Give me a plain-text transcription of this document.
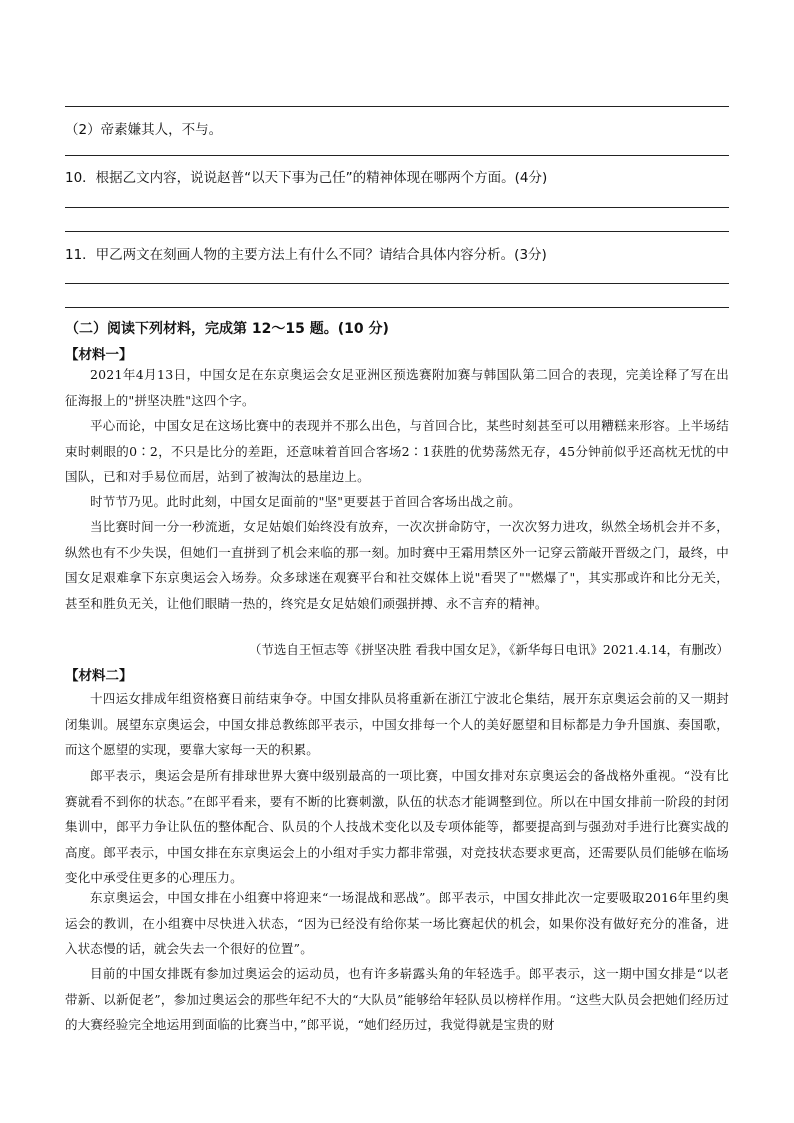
（2）帝素嫌其人，不与。
10．根据乙文内容，说说赵普“以天下事为己任”的精神体现在哪两个方面。(4分)
11．甲乙两文在刻画人物的主要方法上有什么不同？请结合具体内容分析。(3分)
（二）阅读下列材料，完成第 12～15 题。(10 分)
【材料一】
2021年4月13日，中国女足在东京奥运会女足亚洲区预选赛附加赛与韩国队第二回合的表现，完美诠释了写在出征海报上的"拼坚决胜"这四个字。
平心而论，中国女足在这场比赛中的表现并不那么出色，与首回合比，某些时刻甚至可以用糟糕来形容。上半场结束时刺眼的0∶2，不只是比分的差距，还意味着首回合客场2∶1获胜的优势荡然无存，45分钟前似乎还高枕无忧的中国队，已和对手易位而居，站到了被淘汰的悬崖边上。
时节节乃见。此时此刻，中国女足面前的"坚"更要甚于首回合客场出战之前。
当比赛时间一分一秒流逝，女足姑娘们始终没有放弃，一次次拼命防守，一次次努力进攻，纵然全场机会并不多，纵然也有不少失误，但她们一直拼到了机会来临的那一刻。加时赛中王霜用禁区外一记穿云箭敲开晋级之门，最终，中国女足艰难拿下东京奥运会入场券。众多球迷在观赛平台和社交媒体上说"看哭了""燃爆了"，其实那或许和比分无关，甚至和胜负无关，让他们眼睛一热的，终究是女足姑娘们顽强拼搏、永不言弃的精神。
（节选自王恒志等《拼坚决胜 看我中国女足》，《新华每日电讯》2021.4.14，有删改）
【材料二】
十四运女排成年组资格赛日前结束争夺。中国女排队员将重新在浙江宁波北仑集结，展开东京奥运会前的又一期封闭集训。展望东京奥运会，中国女排总教练郎平表示，中国女排每一个人的美好愿望和目标都是力争升国旗、奏国歌，而这个愿望的实现，要靠大家每一天的积累。
郎平表示，奥运会是所有排球世界大赛中级别最高的一项比赛，中国女排对东京奥运会的备战格外重视。“没有比赛就看不到你的状态。”在郎平看来，要有不断的比赛刺激，队伍的状态才能调整到位。所以在中国女排前一阶段的封闭集训中，郎平力争让队伍的整体配合、队员的个人技战术变化以及专项体能等，都要提高到与强劲对手进行比赛实战的高度。郎平表示，中国女排在东京奥运会上的小组对手实力都非常强，对竞技状态要求更高，还需要队员们能够在临场变化中承受住更多的心理压力。
东京奥运会，中国女排在小组赛中将迎来“一场混战和恶战”。郎平表示，中国女排此次一定要吸取2016年里约奥运会的教训，在小组赛中尽快进入状态，“因为已经没有给你某一场比赛起伏的机会，如果你没有做好充分的准备，进入状态慢的话，就会失去一个很好的位置”。
目前的中国女排既有参加过奥运会的运动员，也有许多崭露头角的年轻选手。郎平表示，这一期中国女排是“以老带新、以新促老”，参加过奥运会的那些年纪不大的“大队员”能够给年轻队员以榜样作用。“这些大队员会把她们经历过的大赛经验完全地运用到面临的比赛当中，”郎平说，“她们经历过，我觉得就是宝贵的财
